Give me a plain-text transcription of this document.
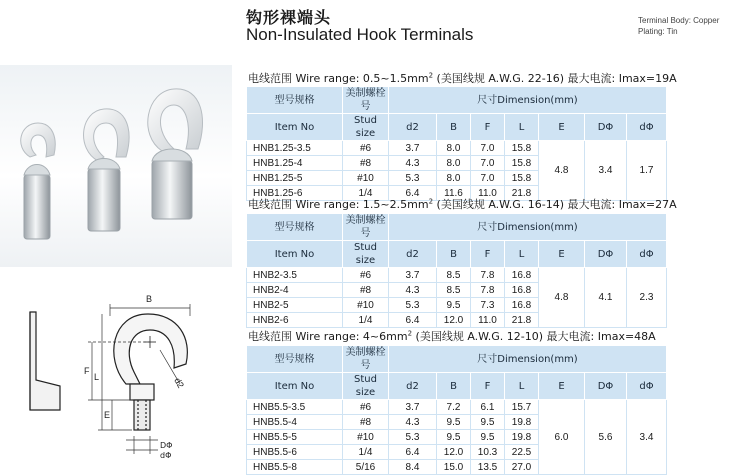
钩形裸端头
Non-Insulated Hook Terminals
Terminal Body: Copper
Plating: Tin
B
F
L
E
d2
DΦ
dΦ
电线范围 Wire range: $0.5\sim 1.5mm^2$ (美国线规 A.W.G. 22-16) 最大电流: Imax=19A
型号规格	美制螺栓号	尺寸Dimension(mm)						
Item No	Stud size	d2	B	F	L	E	DΦ	dΦ
HNB1.25-3.5	#6	3.7	8.0	7.0	15.8	4.8	3.4	1.7
HNB1.25-4	#8	4.3	8.0	7.0	15.8			
HNB1.25-5	#10	5.3	8.0	7.0	15.8			
HNB1.25-6	1/4	6.4	11.6	11.0	21.8			
电线范围 Wire range: $1.5\sim 2.5mm^2$ (美国线规 A.W.G. 16-14) 最大电流: Imax=27A
型号规格	美制螺栓号	尺寸Dimension(mm)						
Item No	Stud size	d2	B	F	L	E	DΦ	dΦ
HNB2-3.5	#6	3.7	8.5	7.8	16.8	4.8	4.1	2.3
HNB2-4	#8	4.3	8.5	7.8	16.8			
HNB2-5	#10	5.3	9.5	7.3	16.8			
HNB2-6	1/4	6.4	12.0	11.0	21.8			
电线范围 Wire range: $4\sim 6mm^2$ (美国线规 A.W.G. 12-10) 最大电流: Imax=48A
型号规格	美制螺栓号	尺寸Dimension(mm)						
Item No	Stud size	d2	B	F	L	E	DΦ	dΦ
HNB5.5-3.5	#6	3.7	7.2	6.1	15.7	6.0	5.6	3.4
HNB5.5-4	#8	4.3	9.5	9.5	19.8			
HNB5.5-5	#10	5.3	9.5	9.5	19.8			
HNB5.5-6	1/4	6.4	12.0	10.3	22.5			
HNB5.5-8	5/16	8.4	15.0	13.5	27.0			
